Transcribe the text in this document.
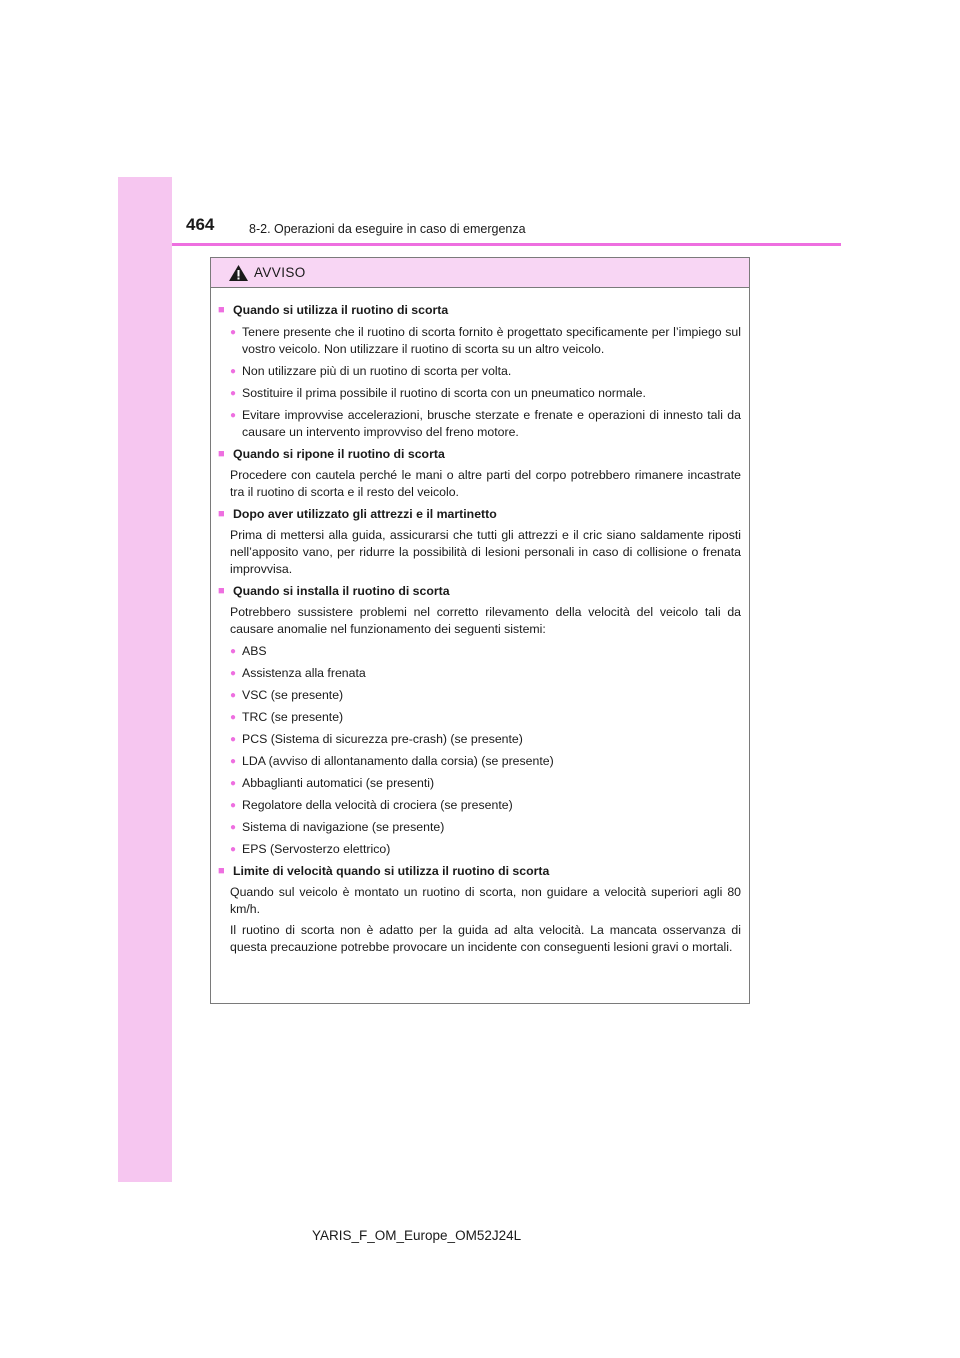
464	8-2. Operazioni da eseguire in caso di emergenza
AVVISO
■ Quando si utilizza il ruotino di scorta
● Tenere presente che il ruotino di scorta fornito è progettato specificamente per l’impiego sul vostro veicolo. Non utilizzare il ruotino di scorta su un altro veicolo.
● Non utilizzare più di un ruotino di scorta per volta.
● Sostituire il prima possibile il ruotino di scorta con un pneumatico normale.
● Evitare improvvise accelerazioni, brusche sterzate e frenate e operazioni di innesto tali da causare un intervento improvviso del freno motore.
■ Quando si ripone il ruotino di scorta
Procedere con cautela perché le mani o altre parti del corpo potrebbero rimanere incastrate tra il ruotino di scorta e il resto del veicolo.
■ Dopo aver utilizzato gli attrezzi e il martinetto
Prima di mettersi alla guida, assicurarsi che tutti gli attrezzi e il cric siano saldamente riposti nell’apposito vano, per ridurre la possibilità di lesioni personali in caso di collisione o frenata improvvisa.
■ Quando si installa il ruotino di scorta
Potrebbero sussistere problemi nel corretto rilevamento della velocità del veicolo tali da causare anomalie nel funzionamento dei seguenti sistemi:
● ABS
● Assistenza alla frenata
● VSC (se presente)
● TRC (se presente)
● PCS (Sistema di sicurezza pre-crash) (se presente)
● LDA (avviso di allontanamento dalla corsia) (se presente)
● Abbaglianti automatici (se presenti)
● Regolatore della velocità di crociera (se presente)
● Sistema di navigazione (se presente)
● EPS (Servosterzo elettrico)
■ Limite di velocità quando si utilizza il ruotino di scorta
Quando sul veicolo è montato un ruotino di scorta, non guidare a velocità superiori agli 80 km/h.
Il ruotino di scorta non è adatto per la guida ad alta velocità. La mancata osservanza di questa precauzione potrebbe provocare un incidente con conseguenti lesioni gravi o mortali.
YARIS_F_OM_Europe_OM52J24L
